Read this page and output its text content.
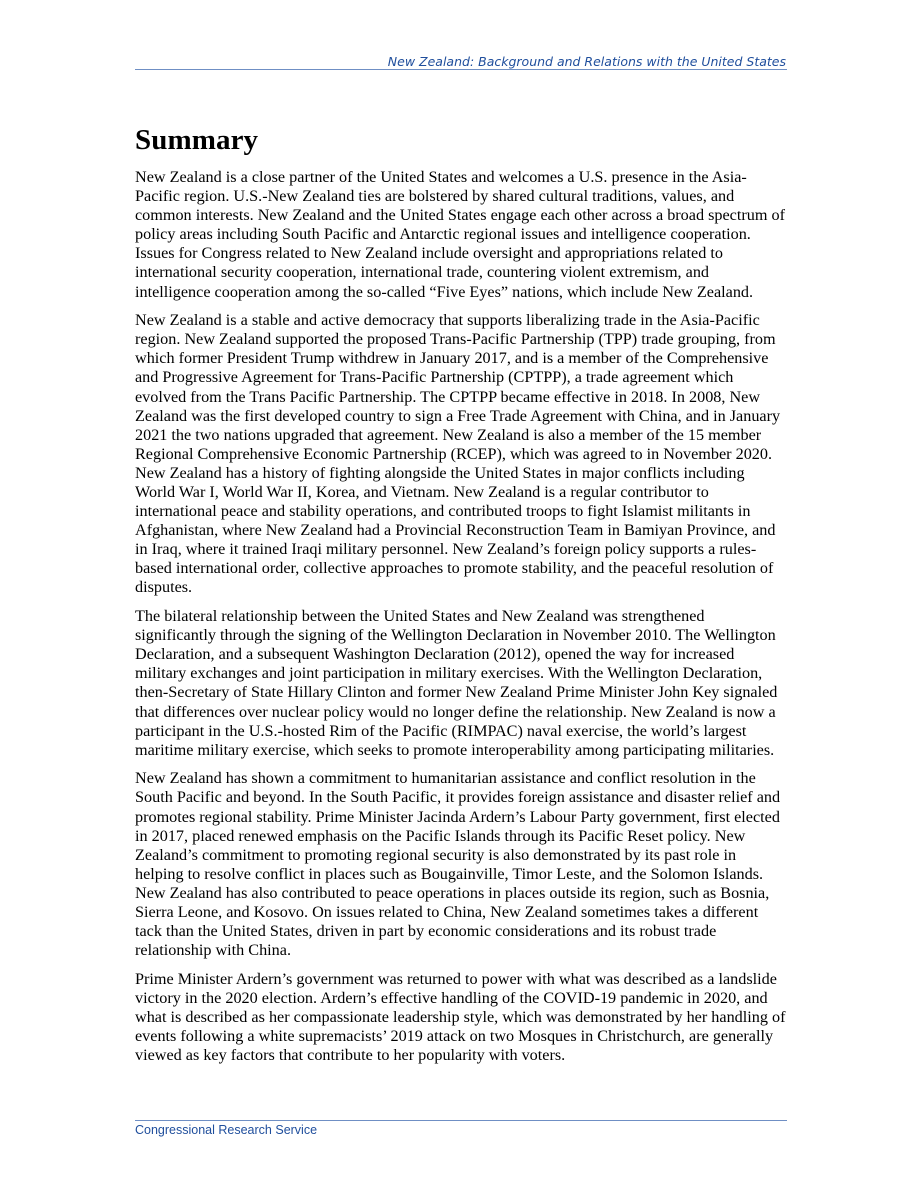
New Zealand: Background and Relations with the United States
Summary

New Zealand is a close partner of the United States and welcomes a U.S. presence in the Asia-Pacific region. U.S.-New Zealand ties are bolstered by shared cultural traditions, values, and common interests. New Zealand and the United States engage each other across a broad spectrum of policy areas including South Pacific and Antarctic regional issues and intelligence cooperation. Issues for Congress related to New Zealand include oversight and appropriations related to international security cooperation, international trade, countering violent extremism, and intelligence cooperation among the so-called “Five Eyes” nations, which include New Zealand.

New Zealand is a stable and active democracy that supports liberalizing trade in the Asia-Pacific region. New Zealand supported the proposed Trans-Pacific Partnership (TPP) trade grouping, from which former President Trump withdrew in January 2017, and is a member of the Comprehensive and Progressive Agreement for Trans-Pacific Partnership (CPTPP), a trade agreement which evolved from the Trans Pacific Partnership. The CPTPP became effective in 2018. In 2008, New Zealand was the first developed country to sign a Free Trade Agreement with China, and in January 2021 the two nations upgraded that agreement. New Zealand is also a member of the 15 member Regional Comprehensive Economic Partnership (RCEP), which was agreed to in November 2020. New Zealand has a history of fighting alongside the United States in major conflicts including World War I, World War II, Korea, and Vietnam. New Zealand is a regular contributor to international peace and stability operations, and contributed troops to fight Islamist militants in Afghanistan, where New Zealand had a Provincial Reconstruction Team in Bamiyan Province, and in Iraq, where it trained Iraqi military personnel. New Zealand’s foreign policy supports a rules-based international order, collective approaches to promote stability, and the peaceful resolution of disputes.

The bilateral relationship between the United States and New Zealand was strengthened significantly through the signing of the Wellington Declaration in November 2010. The Wellington Declaration, and a subsequent Washington Declaration (2012), opened the way for increased military exchanges and joint participation in military exercises. With the Wellington Declaration, then-Secretary of State Hillary Clinton and former New Zealand Prime Minister John Key signaled that differences over nuclear policy would no longer define the relationship. New Zealand is now a participant in the U.S.-hosted Rim of the Pacific (RIMPAC) naval exercise, the world’s largest maritime military exercise, which seeks to promote interoperability among participating militaries.

New Zealand has shown a commitment to humanitarian assistance and conflict resolution in the South Pacific and beyond. In the South Pacific, it provides foreign assistance and disaster relief and promotes regional stability. Prime Minister Jacinda Ardern’s Labour Party government, first elected in 2017, placed renewed emphasis on the Pacific Islands through its Pacific Reset policy. New Zealand’s commitment to promoting regional security is also demonstrated by its past role in helping to resolve conflict in places such as Bougainville, Timor Leste, and the Solomon Islands. New Zealand has also contributed to peace operations in places outside its region, such as Bosnia, Sierra Leone, and Kosovo. On issues related to China, New Zealand sometimes takes a different tack than the United States, driven in part by economic considerations and its robust trade relationship with China.

Prime Minister Ardern’s government was returned to power with what was described as a landslide victory in the 2020 election. Ardern’s effective handling of the COVID-19 pandemic in 2020, and what is described as her compassionate leadership style, which was demonstrated by her handling of events following a white supremacists’ 2019 attack on two Mosques in Christchurch, are generally viewed as key factors that contribute to her popularity with voters.

Congressional Research Service
